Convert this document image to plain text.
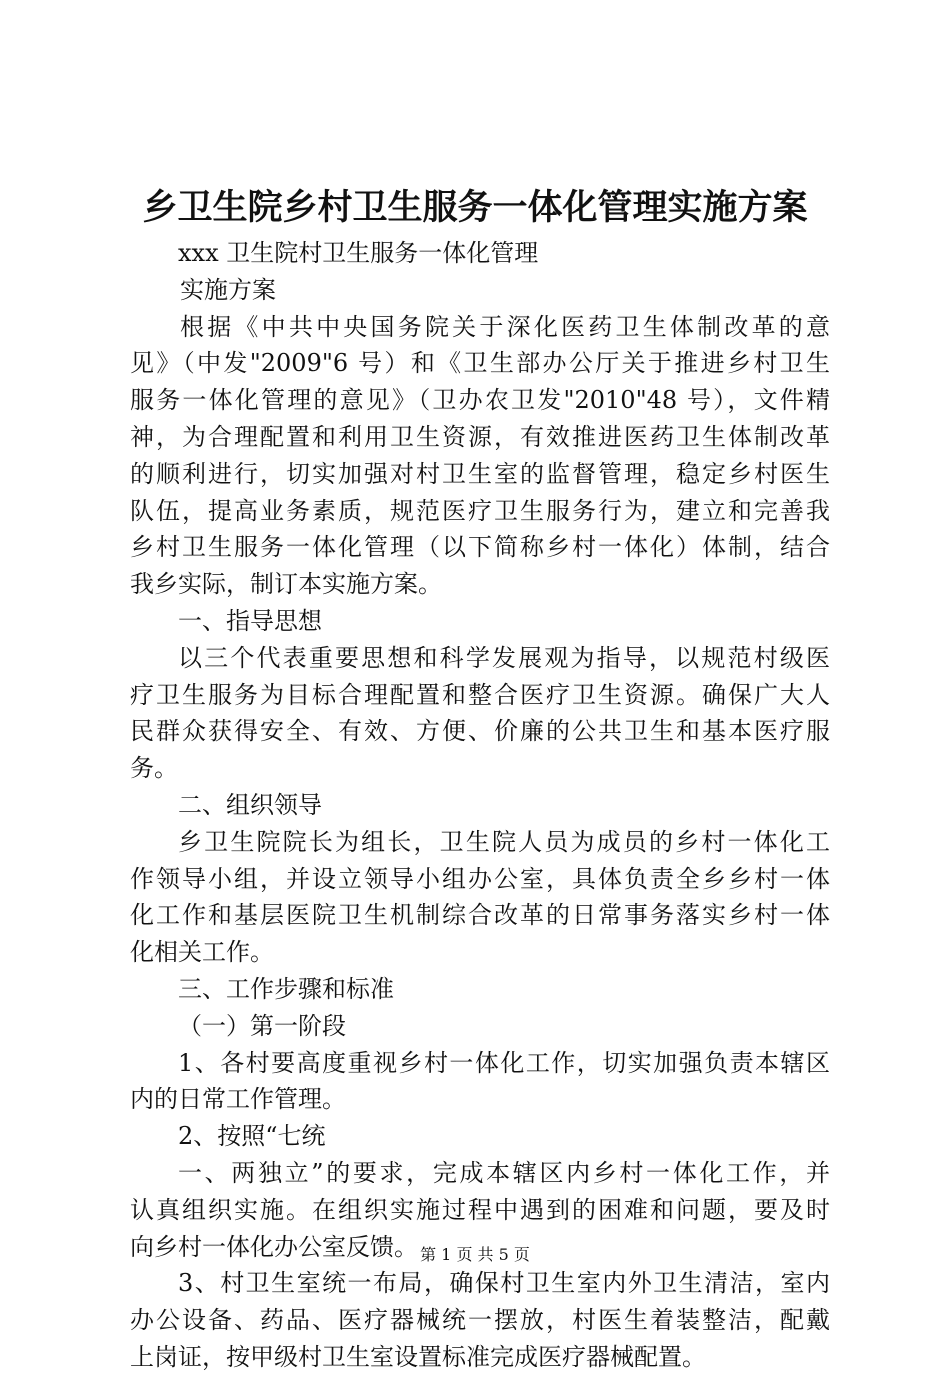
乡卫生院乡村卫生服务一体化管理实施方案
xxx 卫生院村卫生服务一体化管理
实施方案
根据《中共中央国务院关于深化医药卫生体制改革的意
见》（中发"2009"6 号）和《卫生部办公厅关于推进乡村卫生
服务一体化管理的意见》（卫办农卫发"2010"48 号），文件精
神，为合理配置和利用卫生资源，有效推进医药卫生体制改革
的顺利进行，切实加强对村卫生室的监督管理，稳定乡村医生
队伍，提高业务素质，规范医疗卫生服务行为，建立和完善我
乡村卫生服务一体化管理（以下简称乡村一体化）体制，结合
我乡实际，制订本实施方案。
一、指导思想
以三个代表重要思想和科学发展观为指导，以规范村级医
疗卫生服务为目标合理配置和整合医疗卫生资源。确保广大人
民群众获得安全、有效、方便、价廉的公共卫生和基本医疗服
务。
二、组织领导
乡卫生院院长为组长，卫生院人员为成员的乡村一体化工
作领导小组，并设立领导小组办公室，具体负责全乡乡村一体
化工作和基层医院卫生机制综合改革的日常事务落实乡村一体
化相关工作。
三、工作步骤和标准
（一）第一阶段
1、各村要高度重视乡村一体化工作，切实加强负责本辖区
内的日常工作管理。
2、按照“七统
一、两独立”的要求，完成本辖区内乡村一体化工作，并
认真组织实施。在组织实施过程中遇到的困难和问题，要及时
向乡村一体化办公室反馈。
3、村卫生室统一布局，确保村卫生室内外卫生清洁，室内
办公设备、药品、医疗器械统一摆放，村医生着装整洁，配戴
上岗证，按甲级村卫生室设置标准完成医疗器械配置。
第 1 页 共 5 页
